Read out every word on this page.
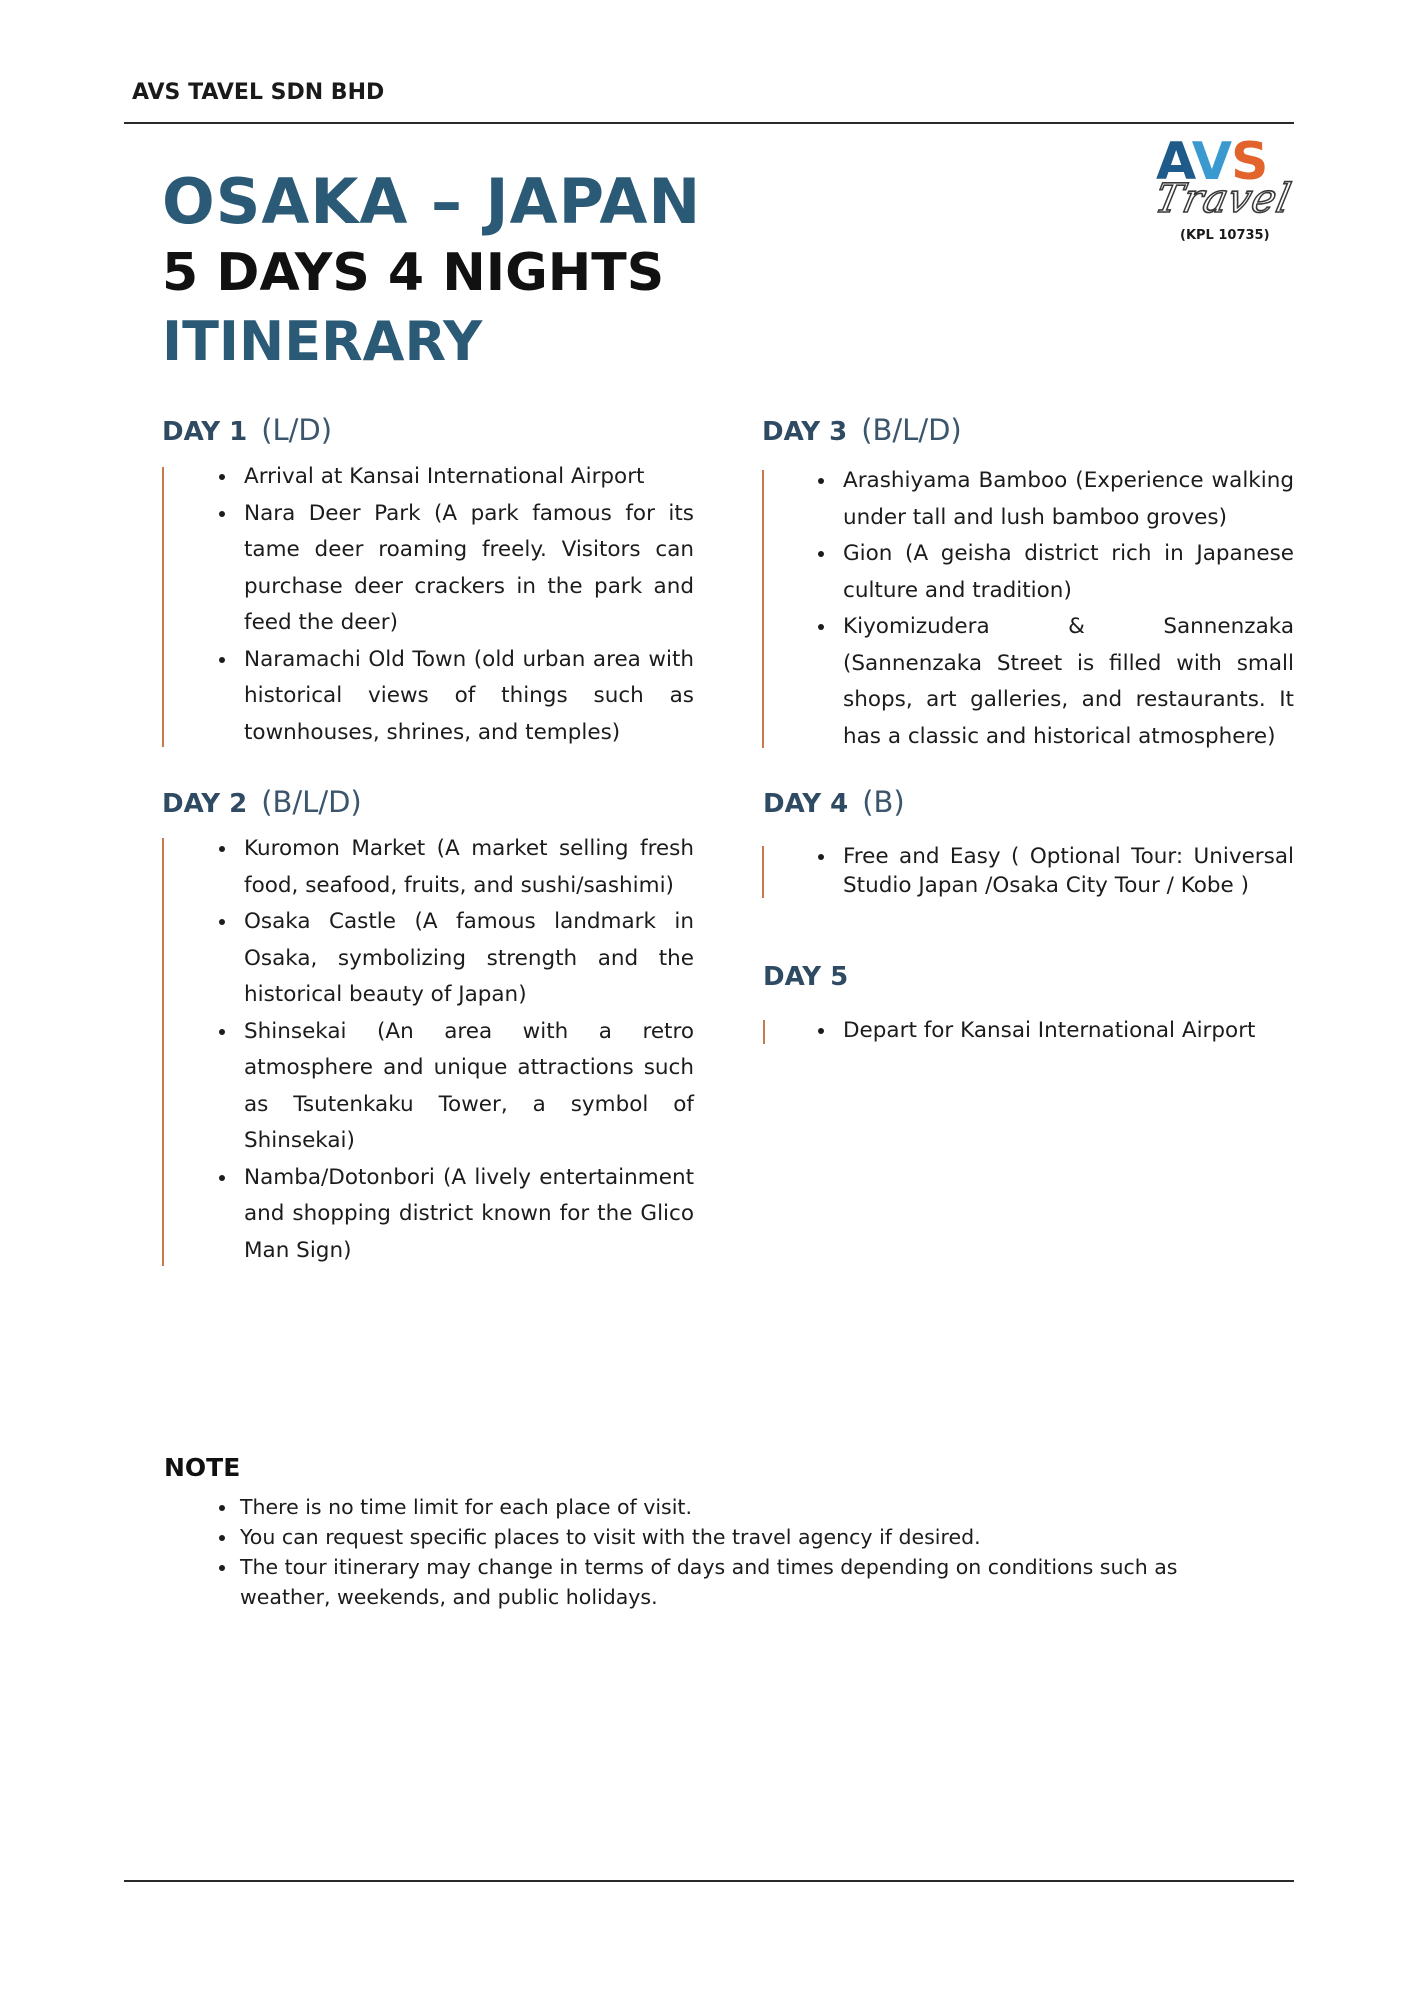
AVS TAVEL SDN BHD
AVS
Travel
(KPL 10735)
OSAKA – JAPAN
5 DAYS 4 NIGHTS
ITINERARY
DAY 1 (L/D)
• Arrival at Kansai International Airport
• Nara Deer Park (A park famous for its tame deer roaming freely. Visitors can purchase deer crackers in the park and feed the deer)
• Naramachi Old Town (old urban area with historical views of things such as townhouses, shrines, and temples)
DAY 2 (B/L/D)
• Kuromon Market (A market selling fresh food, seafood, fruits, and sushi/sashimi)
• Osaka Castle (A famous landmark in Osaka, symbolizing strength and the historical beauty of Japan)
• Shinsekai (An area with a retro atmosphere and unique attractions such as Tsutenkaku Tower, a symbol of Shinsekai)
• Namba/Dotonbori (A lively entertainment and shopping district known for the Glico Man Sign)
DAY 3 (B/L/D)
• Arashiyama Bamboo (Experience walking under tall and lush bamboo groves)
• Gion (A geisha district rich in Japanese culture and tradition)
• Kiyomizudera & Sannenzaka (Sannenzaka Street is filled with small shops, art galleries, and restaurants. It has a classic and historical atmosphere)
DAY 4 (B)
• Free and Easy ( Optional Tour: Universal Studio Japan /Osaka City Tour / Kobe )
DAY 5
• Depart for Kansai International Airport
NOTE
• There is no time limit for each place of visit.
• You can request specific places to visit with the travel agency if desired.
• The tour itinerary may change in terms of days and times depending on conditions such as weather, weekends, and public holidays.
